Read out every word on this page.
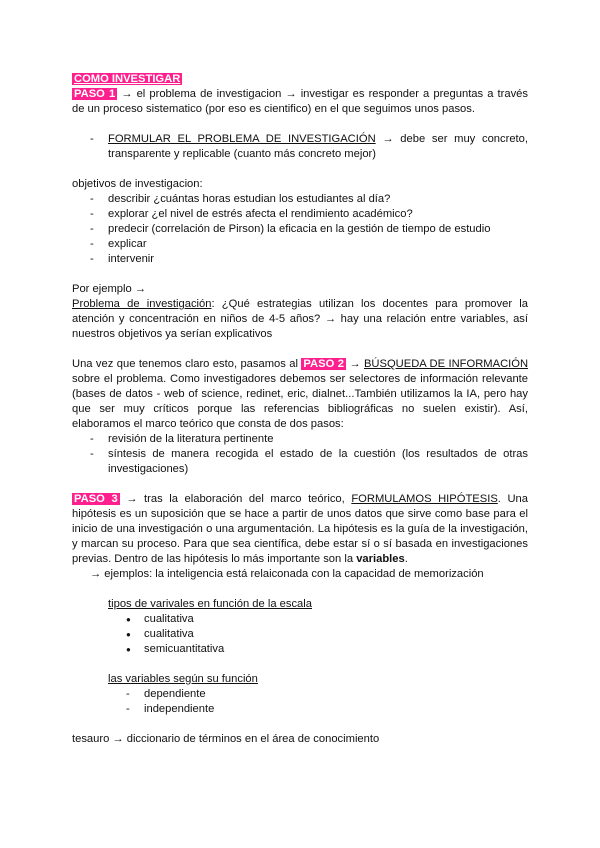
COMO INVESTIGAR

PASO 1 → el problema de investigacion → investigar es responder a preguntas a través de un proceso sistematico (por eso es cientifico) en el que seguimos unos pasos.

- FORMULAR EL PROBLEMA DE INVESTIGACIÓN → debe ser muy concreto, transparente y replicable (cuanto más concreto mejor)

objetivos de investigacion:

- describir ¿cuántas horas estudian los estudiantes al día?
- explorar ¿el nivel de estrés afecta el rendimiento académico?
- predecir (correlación de Pirson) la eficacia en la gestión de tiempo de estudio
- explicar
- intervenir

Por ejemplo →

Problema de investigación: ¿Qué estrategias utilizan los docentes para promover la atención y concentración en niños de 4-5 años? → hay una relación entre variables, así nuestros objetivos ya serían explicativos

Una vez que tenemos claro esto, pasamos al PASO 2 → BÚSQUEDA DE INFORMACIÓN sobre el problema. Como investigadores debemos ser selectores de información relevante (bases de datos - web of science, redinet, eric, dialnet...También utilizamos la IA, pero hay que ser muy críticos porque las referencias bibliográficas no suelen existir). Así, elaboramos el marco teórico que consta de dos pasos:

- revisión de la literatura pertinente
- síntesis de manera recogida el estado de la cuestión (los resultados de otras investigaciones)

PASO 3 → tras la elaboración del marco teórico, FORMULAMOS HIPÓTESIS. Una hipótesis es un suposición que se hace a partir de unos datos que sirve como base para el inicio de una investigación o una argumentación. La hipótesis es la guía de la investigación, y marcan su proceso. Para que sea científica, debe estar sí o sí basada en investigaciones previas. Dentro de las hipótesis lo más importante son la variables.

→ ejemplos: la inteligencia está relaiconada con la capacidad de memorización

tipos de varivales en función de la escala

● cualitativa
● cualitativa
● semicuantitativa

las variables según su función

- dependiente
- independiente

tesauro → diccionario de términos en el área de conocimiento
